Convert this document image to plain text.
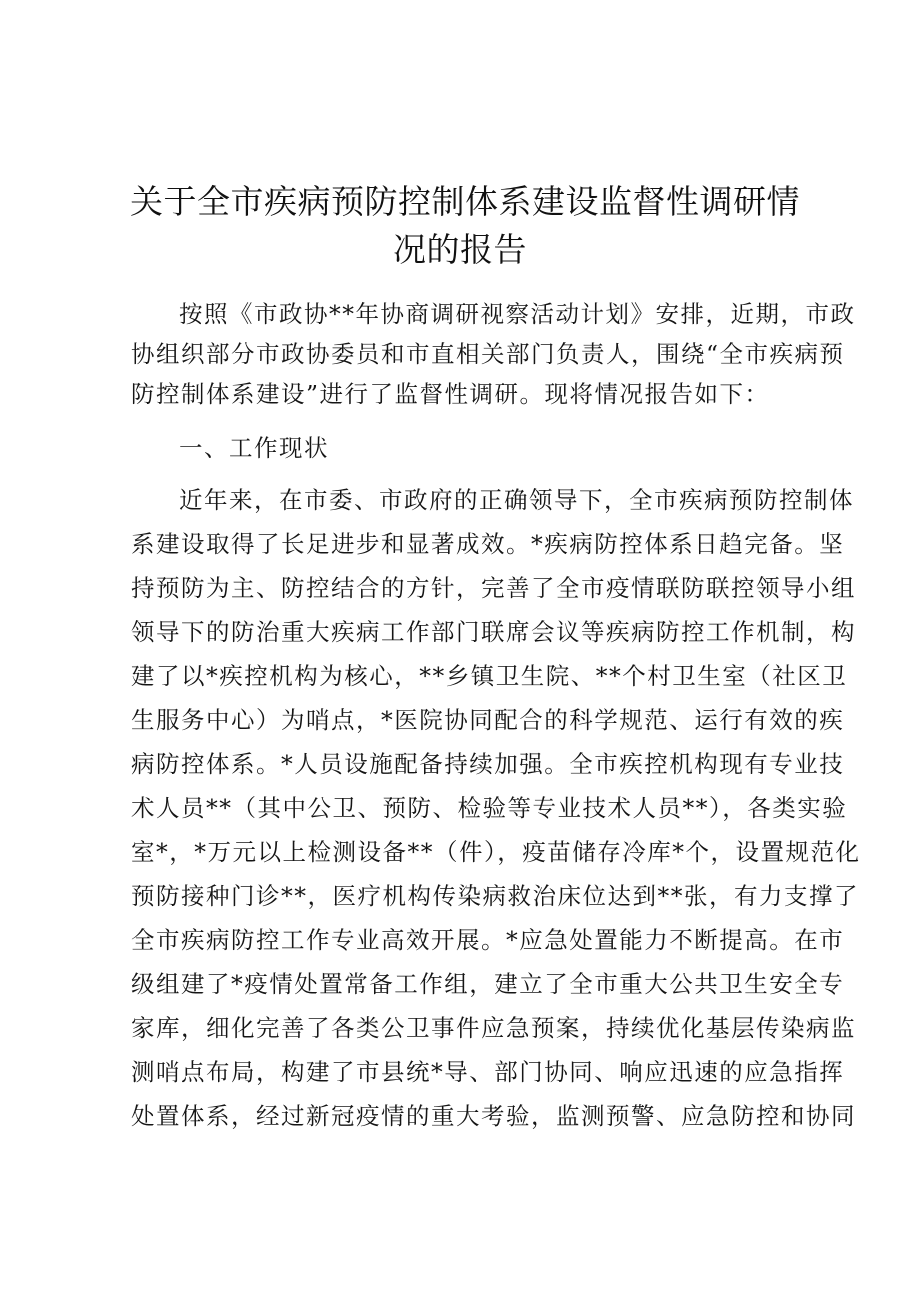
关于全市疾病预防控制体系建设监督性调研情
况的报告
按照《市政协**年协商调研视察活动计划》安排，近期，市政
协组织部分市政协委员和市直相关部门负责人，围绕“全市疾病预
防控制体系建设”进行了监督性调研。现将情况报告如下：
一、工作现状
近年来，在市委、市政府的正确领导下，全市疾病预防控制体
系建设取得了长足进步和显著成效。*疾病防控体系日趋完备。坚
持预防为主、防控结合的方针，完善了全市疫情联防联控领导小组
领导下的防治重大疾病工作部门联席会议等疾病防控工作机制，构
建了以*疾控机构为核心，**乡镇卫生院、**个村卫生室（社区卫
生服务中心）为哨点，*医院协同配合的科学规范、运行有效的疾
病防控体系。*人员设施配备持续加强。全市疾控机构现有专业技
术人员**（其中公卫、预防、检验等专业技术人员**），各类实验
室*，*万元以上检测设备**（件），疫苗储存冷库*个，设置规范化
预防接种门诊**，医疗机构传染病救治床位达到**张，有力支撑了
全市疾病防控工作专业高效开展。*应急处置能力不断提高。在市
级组建了*疫情处置常备工作组，建立了全市重大公共卫生安全专
家库，细化完善了各类公卫事件应急预案，持续优化基层传染病监
测哨点布局，构建了市县统*导、部门协同、响应迅速的应急指挥
处置体系，经过新冠疫情的重大考验，监测预警、应急防控和协同
